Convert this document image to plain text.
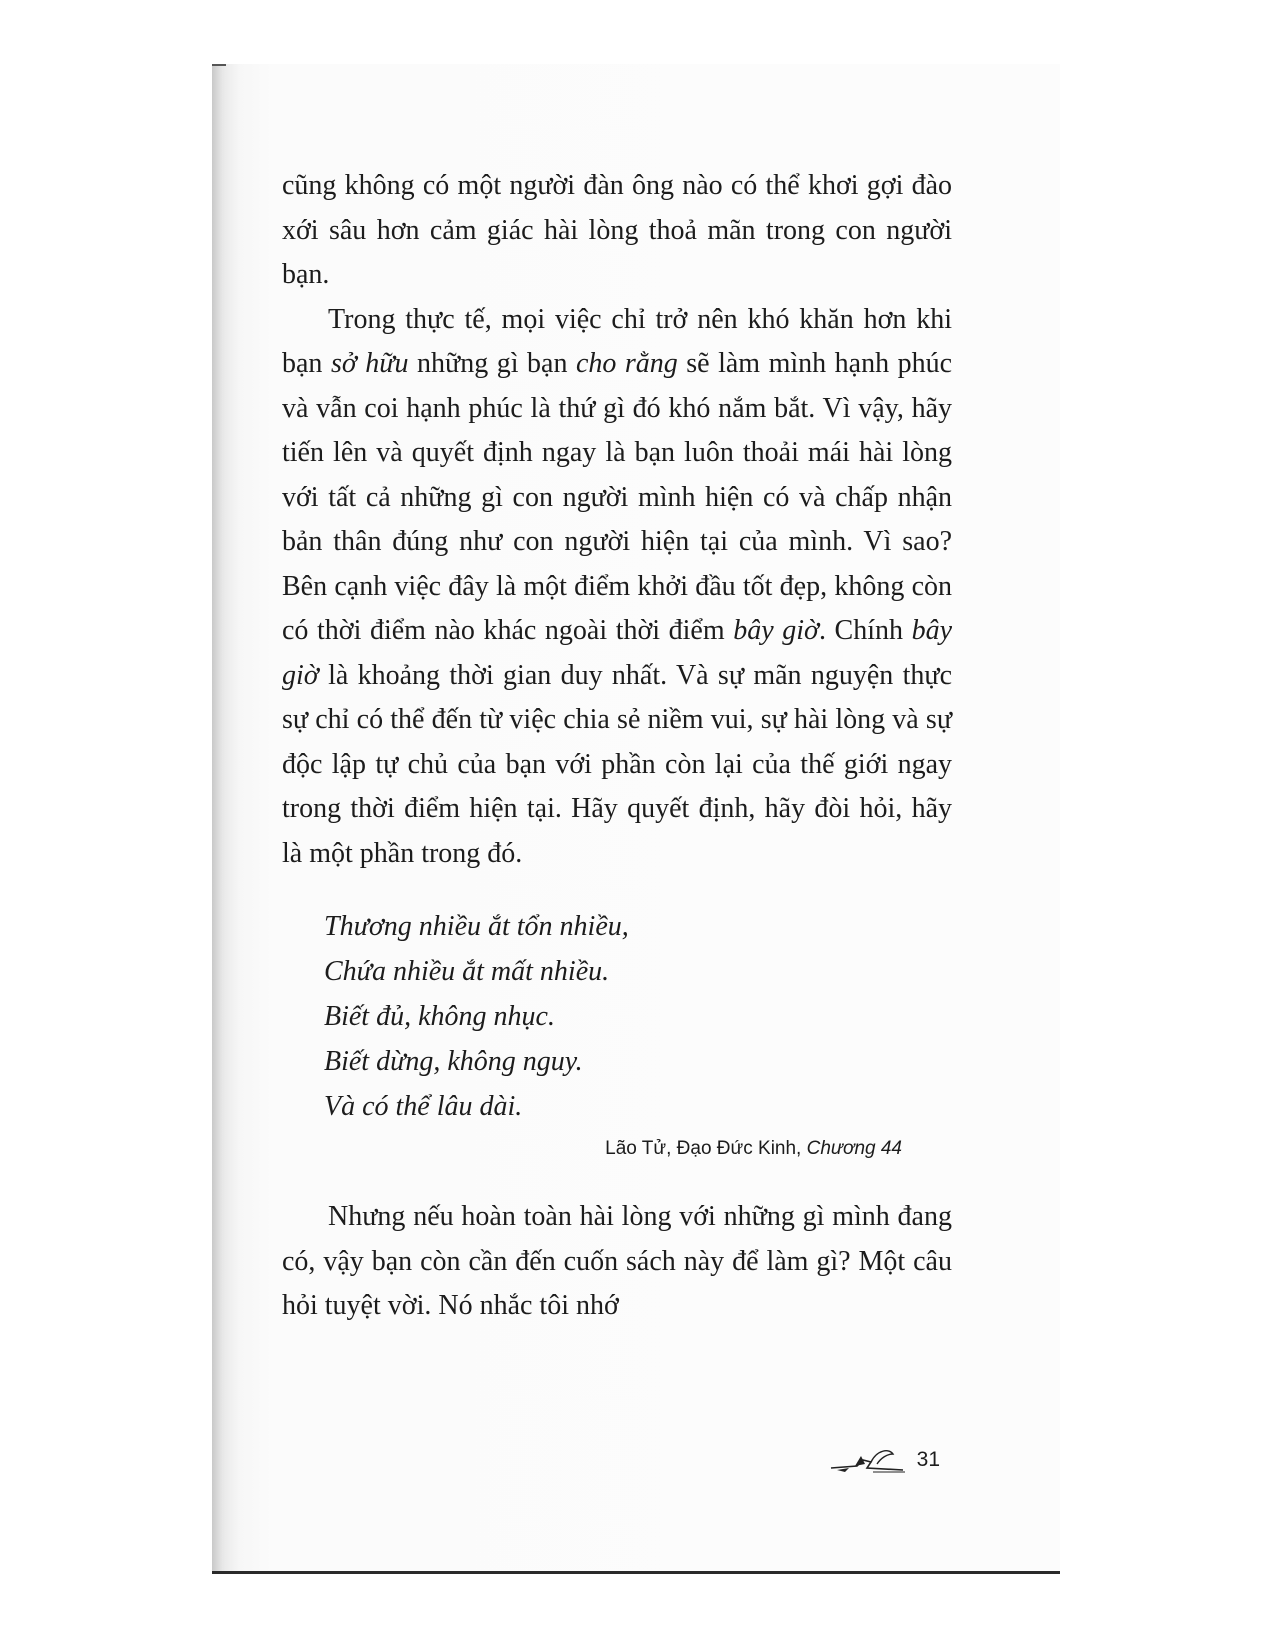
cũng không có một người đàn ông nào có thể khơi gợi đào xới sâu hơn cảm giác hài lòng thoả mãn trong con người bạn.

Trong thực tế, mọi việc chỉ trở nên khó khăn hơn khi bạn sở hữu những gì bạn cho rằng sẽ làm mình hạnh phúc và vẫn coi hạnh phúc là thứ gì đó khó nắm bắt. Vì vậy, hãy tiến lên và quyết định ngay là bạn luôn thoải mái hài lòng với tất cả những gì con người mình hiện có và chấp nhận bản thân đúng như con người hiện tại của mình. Vì sao? Bên cạnh việc đây là một điểm khởi đầu tốt đẹp, không còn có thời điểm nào khác ngoài thời điểm bây giờ. Chính bây giờ là khoảng thời gian duy nhất. Và sự mãn nguyện thực sự chỉ có thể đến từ việc chia sẻ niềm vui, sự hài lòng và sự độc lập tự chủ của bạn với phần còn lại của thế giới ngay trong thời điểm hiện tại. Hãy quyết định, hãy đòi hỏi, hãy là một phần trong đó.

Thương nhiều ắt tổn nhiều,
Chứa nhiều ắt mất nhiều.
Biết đủ, không nhục.
Biết dừng, không nguy.
Và có thể lâu dài.
Lão Tử, Đạo Đức Kinh, Chương 44

Nhưng nếu hoàn toàn hài lòng với những gì mình đang có, vậy bạn còn cần đến cuốn sách này để làm gì? Một câu hỏi tuyệt vời. Nó nhắc tôi nhớ

31
